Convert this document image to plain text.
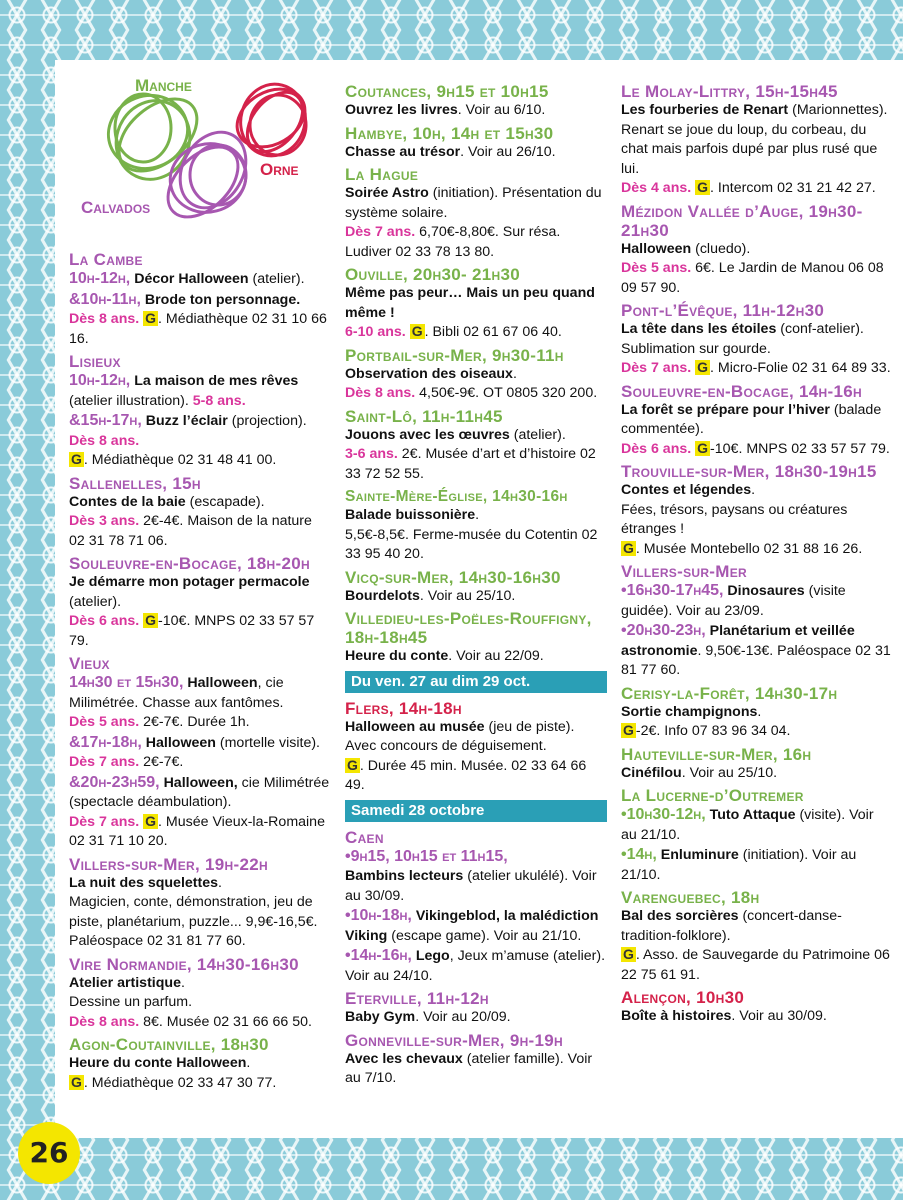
Manche
Orne
Calvados
La Cambe
10h-12h, Décor Halloween (atelier).
&10h-11h, Brode ton personnage.
Dès 8 ans. G . Médiathèque 02 31 10 66 16.
Lisieux
10h-12h, La maison de mes rêves (atelier illustration). 5-8 ans.
&15h-17h, Buzz l’éclair (projection). Dès 8 ans.
G . Médiathèque 02 31 48 41 00.
Sallenelles, 15h
Contes de la baie (escapade).
Dès 3 ans. 2€-4€. Maison de la nature 02 31 78 71 06.
Souleuvre-en-Bocage, 18h-20h
Je démarre mon potager permacole (atelier).
Dès 6 ans. G -10€. MNPS 02 33 57 57 79.
Vieux
14h30 et 15h30, Halloween, cie Milimétrée. Chasse aux fantômes.
Dès 5 ans. 2€-7€. Durée 1h.
&17h-18h, Halloween (mortelle visite). Dès 7 ans. 2€-7€.
&20h-23h59, Halloween, cie Milimétrée (spectacle déambulation).
Dès 7 ans. G . Musée Vieux-la-Romaine 02 31 71 10 20.
Villers-sur-Mer, 19h-22h
La nuit des squelettes.
Magicien, conte, démonstration, jeu de piste, planétarium, puzzle... 9,9€-16,5€. Paléospace 02 31 81 77 60.
Vire Normandie, 14h30-16h30
Atelier artistique.
Dessine un parfum.
Dès 8 ans. 8€. Musée 02 31 66 66 50.
Agon-Coutainville, 18h30
Heure du conte Halloween.
G . Médiathèque 02 33 47 30 77.
Coutances, 9h15 et 10h15
Ouvrez les livres. Voir au 6/10.
Hambye, 10h, 14h et 15h30
Chasse au trésor. Voir au 26/10.
La Hague
Soirée Astro (initiation). Présentation du système solaire.
Dès 7 ans. 6,70€-8,80€. Sur résa. Ludiver 02 33 78 13 80.
Ouville, 20h30- 21h30
Même pas peur… Mais un peu quand même !
6-10 ans. G . Bibli 02 61 67 06 40.
Portbail-sur-Mer, 9h30-11h
Observation des oiseaux.
Dès 8 ans. 4,50€-9€. OT 0805 320 200.
Saint-Lô, 11h-11h45
Jouons avec les œuvres (atelier).
3-6 ans. 2€. Musée d’art et d’histoire 02 33 72 52 55.
Sainte-Mère-Église, 14h30-16h
Balade buissonière.
5,5€-8,5€. Ferme-musée du Cotentin 02 33 95 40 20.
Vicq-sur-Mer, 14h30-16h30
Bourdelots. Voir au 25/10.
Villedieu-les-Poëles-Rouffigny, 18h-18h45
Heure du conte. Voir au 22/09.
Du ven. 27 au dim 29 oct.
Flers, 14h-18h
Halloween au musée (jeu de piste). Avec concours de déguisement.
G . Durée 45 min. Musée. 02 33 64 66 49.
Samedi 28 octobre
Caen
•9h15, 10h15 et 11h15,
Bambins lecteurs (atelier ukulélé). Voir au 30/09.
•10h-18h, Vikingeblod, la malédiction Viking (escape game). Voir au 21/10.
•14h-16h, Lego, Jeux m’amuse (atelier). Voir au 24/10.
Eterville, 11h-12h
Baby Gym. Voir au 20/09.
Gonneville-sur-Mer, 9h-19h
Avec les chevaux (atelier famille). Voir au 7/10.
Le Molay-Littry, 15h-15h45
Les fourberies de Renart (Marionnettes).
Renart se joue du loup, du corbeau, du chat mais parfois dupé par plus rusé que lui.
Dès 4 ans. G . Intercom 02 31 21 42 27.
Mézidon Vallée d’Auge, 19h30-21h30
Halloween (cluedo).
Dès 5 ans. 6€. Le Jardin de Manou 06 08 09 57 90.
Pont-l’Évêque, 11h-12h30
La tête dans les étoiles (conf-atelier). Sublimation sur gourde.
Dès 7 ans. G . Micro-Folie 02 31 64 89 33.
Souleuvre-en-Bocage, 14h-16h
La forêt se prépare pour l’hiver (balade commentée).
Dès 6 ans. G -10€. MNPS 02 33 57 57 79.
Trouville-sur-Mer, 18h30-19h15
Contes et légendes.
Fées, trésors, paysans ou créatures étranges !
G . Musée Montebello 02 31 88 16 26.
Villers-sur-Mer
•16h30-17h45, Dinosaures (visite guidée). Voir au 23/09.
•20h30-23h, Planétarium et veillée astronomie. 9,50€-13€. Paléospace 02 31 81 77 60.
Cerisy-la-Forêt, 14h30-17h
Sortie champignons.
G -2€. Info 07 83 96 34 04.
Hauteville-sur-Mer, 16h
Cinéfilou. Voir au 25/10.
La Lucerne-d’Outremer
•10h30-12h, Tuto Attaque (visite). Voir au 21/10.
•14h, Enluminure (initiation). Voir au 21/10.
Varenguebec, 18h
Bal des sorcières (concert-danse-tradition-folklore).
G . Asso. de Sauvegarde du Patrimoine 06 22 75 61 91.
Alençon, 10h30
Boîte à histoires. Voir au 30/09.
26
